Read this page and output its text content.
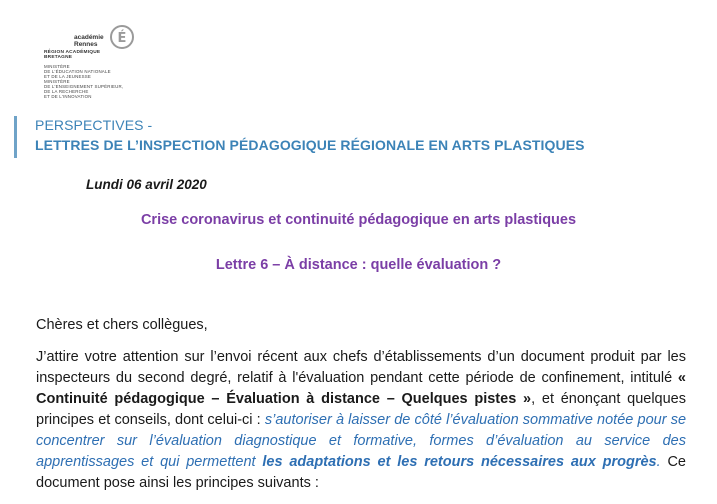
académie
Rennes	É
RÉGION ACADÉMIQUE
BRETAGNE
MINISTÈRE
DE L'ÉDUCATION NATIONALE
ET DE LA JEUNESSE
MINISTÈRE
DE L'ENSEIGNEMENT SUPÉRIEUR,
DE LA RECHERCHE
ET DE L'INNOVATION
PERSPECTIVES -
LETTRES DE L’INSPECTION PÉDAGOGIQUE RÉGIONALE EN ARTS PLASTIQUES
Lundi 06 avril 2020
Crise coronavirus et continuité pédagogique en arts plastiques
Lettre 6 – À distance : quelle évaluation ?
Chères et chers collègues,
J’attire votre attention sur l’envoi récent aux chefs d’établissements d’un document produit par les inspecteurs du second degré, relatif à l'évaluation pendant cette période de confinement, intitulé « Continuité pédagogique – Évaluation à distance – Quelques pistes », et énonçant quelques principes et conseils, dont celui-ci : s’autoriser à laisser de côté l’évaluation sommative notée pour se concentrer sur l’évaluation diagnostique et formative, formes d’évaluation au service des apprentissages et qui permettent les adaptations et les retours nécessaires aux progrès. Ce document pose ainsi les principes suivants :
